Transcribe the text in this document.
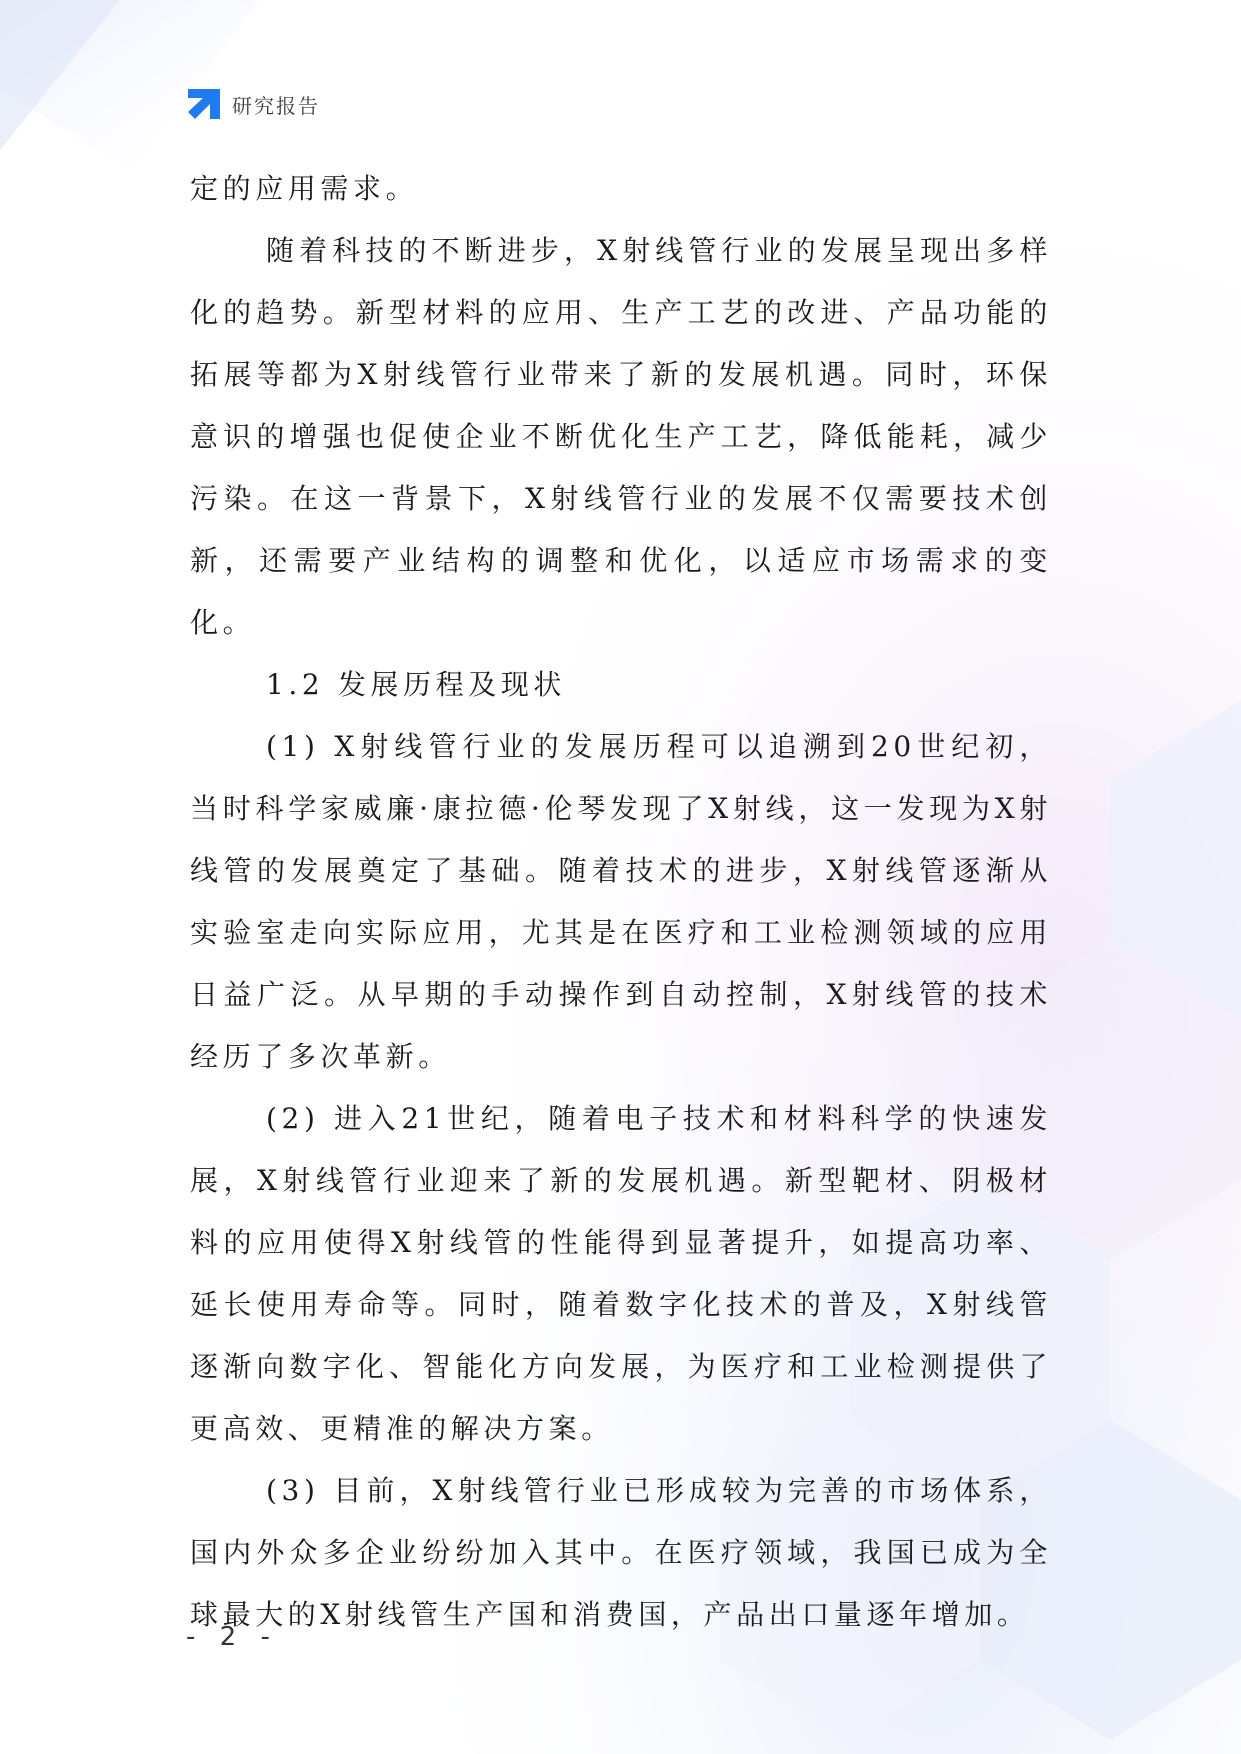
研究报告

定的应用需求。

随着科技的不断进步，X射线管行业的发展呈现出多样化的趋势。新型材料的应用、生产工艺的改进、产品功能的拓展等都为X射线管行业带来了新的发展机遇。同时，环保意识的增强也促使企业不断优化生产工艺，降低能耗，减少污染。在这一背景下，X射线管行业的发展不仅需要技术创新，还需要产业结构的调整和优化，以适应市场需求的变化。

1.2 发展历程及现状

(1) X射线管行业的发展历程可以追溯到20世纪初，当时科学家威廉·康拉德·伦琴发现了X射线，这一发现为X射线管的发展奠定了基础。随着技术的进步，X射线管逐渐从实验室走向实际应用，尤其是在医疗和工业检测领域的应用日益广泛。从早期的手动操作到自动控制，X射线管的技术经历了多次革新。

(2) 进入21世纪，随着电子技术和材料科学的快速发展，X射线管行业迎来了新的发展机遇。新型靶材、阴极材料的应用使得X射线管的性能得到显著提升，如提高功率、延长使用寿命等。同时，随着数字化技术的普及，X射线管逐渐向数字化、智能化方向发展，为医疗和工业检测提供了更高效、更精准的解决方案。

(3) 目前，X射线管行业已形成较为完善的市场体系，国内外众多企业纷纷加入其中。在医疗领域，我国已成为全球最大的X射线管生产国和消费国，产品出口量逐年增加。

- 2 -
